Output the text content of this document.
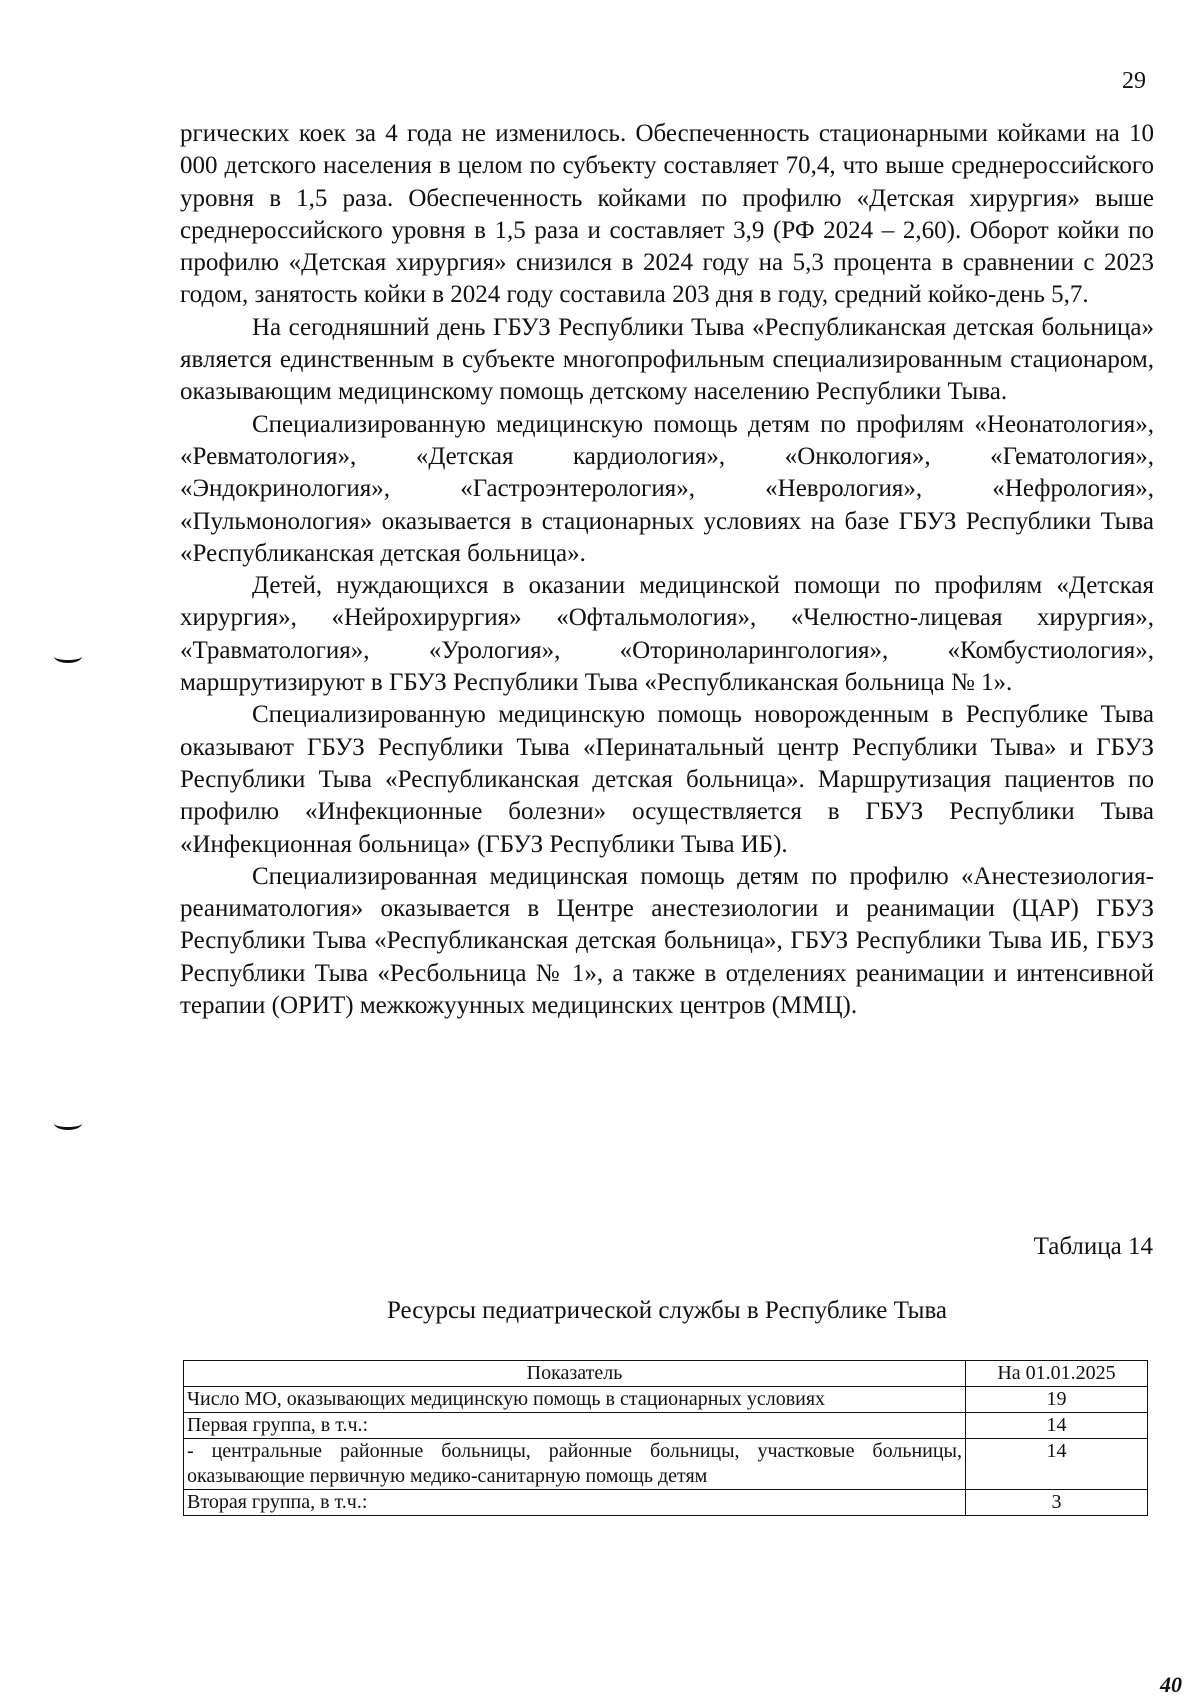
29

ргических коек за 4 года не изменилось. Обеспеченность стационарными койками на 10 000 детского населения в целом по субъекту составляет 70,4, что выше среднероссийского уровня в 1,5 раза. Обеспеченность койками по профилю «Детская хирургия» выше среднероссийского уровня в 1,5 раза и составляет 3,9 (РФ 2024 – 2,60). Оборот койки по профилю «Детская хирургия» снизился в 2024 году на 5,3 процента в сравнении с 2023 годом, занятость койки в 2024 году составила 203 дня в году, средний койко-день 5,7.

На сегодняшний день ГБУЗ Республики Тыва «Республиканская детская больница» является единственным в субъекте многопрофильным специализированным стационаром, оказывающим медицинскому помощь детскому населению Республики Тыва.

Специализированную медицинскую помощь детям по профилям «Неонатология», «Ревматология», «Детская кардиология», «Онкология», «Гематология», «Эндокринология», «Гастроэнтерология», «Неврология», «Нефрология», «Пульмонология» оказывается в стационарных условиях на базе ГБУЗ Республики Тыва «Республиканская детская больница».

Детей, нуждающихся в оказании медицинской помощи по профилям «Детская хирургия», «Нейрохирургия» «Офтальмология», «Челюстно-лицевая хирургия», «Травматология», «Урология», «Оториноларингология», «Комбустиология», маршрутизируют в ГБУЗ Республики Тыва «Республиканская больница № 1».

Специализированную медицинскую помощь новорожденным в Республике Тыва оказывают ГБУЗ Республики Тыва «Перинатальный центр Республики Тыва» и ГБУЗ Республики Тыва «Республиканская детская больница». Маршрутизация пациентов по профилю «Инфекционные болезни» осуществляется в ГБУЗ Республики Тыва «Инфекционная больница» (ГБУЗ Республики Тыва ИБ).

Специализированная медицинская помощь детям по профилю «Анестезиология-реаниматология» оказывается в Центре анестезиологии и реанимации (ЦАР) ГБУЗ Республики Тыва «Республиканская детская больница», ГБУЗ Республики Тыва ИБ, ГБУЗ Республики Тыва «Ресбольница № 1», а также в отделениях реанимации и интенсивной терапии (ОРИТ) межкожуунных медицинских центров (ММЦ).

Таблица 14
Ресурсы педиатрической службы в Республике Тыва
Показатель	На 01.01.2025
Число МО, оказывающих медицинскую помощь в стационарных условиях	19
Первая группа, в т.ч.:	14
- центральные районные больницы, районные больницы, участковые больницы, оказывающие первичную медико-санитарную помощь детям	14
Вторая группа, в т.ч.:	3
40
